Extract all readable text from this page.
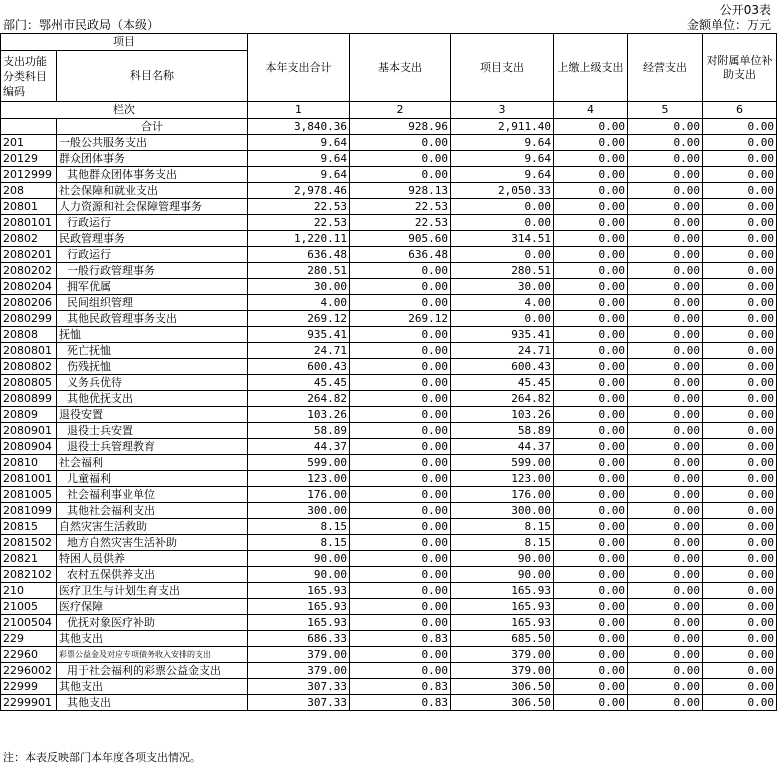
公开03表
部门：鄂州市民政局（本级）	金额单位：万元
项目		本年支出合计	基本支出	项目支出	上缴上级支出	经营支出	对附属单位补助支出
支出功能分类科目编码	科目名称						
栏次		1	2	3	4	5	6
	合计	3,840.36	928.96	2,911.40	0.00	0.00	0.00
201	一般公共服务支出	9.64	0.00	9.64	0.00	0.00	0.00
20129	群众团体事务	9.64	0.00	9.64	0.00	0.00	0.00
2012999	其他群众团体事务支出	9.64	0.00	9.64	0.00	0.00	0.00
208	社会保障和就业支出	2,978.46	928.13	2,050.33	0.00	0.00	0.00
20801	人力资源和社会保障管理事务	22.53	22.53	0.00	0.00	0.00	0.00
2080101	行政运行	22.53	22.53	0.00	0.00	0.00	0.00
20802	民政管理事务	1,220.11	905.60	314.51	0.00	0.00	0.00
2080201	行政运行	636.48	636.48	0.00	0.00	0.00	0.00
2080202	一般行政管理事务	280.51	0.00	280.51	0.00	0.00	0.00
2080204	拥军优属	30.00	0.00	30.00	0.00	0.00	0.00
2080206	民间组织管理	4.00	0.00	4.00	0.00	0.00	0.00
2080299	其他民政管理事务支出	269.12	269.12	0.00	0.00	0.00	0.00
20808	抚恤	935.41	0.00	935.41	0.00	0.00	0.00
2080801	死亡抚恤	24.71	0.00	24.71	0.00	0.00	0.00
2080802	伤残抚恤	600.43	0.00	600.43	0.00	0.00	0.00
2080805	义务兵优待	45.45	0.00	45.45	0.00	0.00	0.00
2080899	其他优抚支出	264.82	0.00	264.82	0.00	0.00	0.00
20809	退役安置	103.26	0.00	103.26	0.00	0.00	0.00
2080901	退役士兵安置	58.89	0.00	58.89	0.00	0.00	0.00
2080904	退役士兵管理教育	44.37	0.00	44.37	0.00	0.00	0.00
20810	社会福利	599.00	0.00	599.00	0.00	0.00	0.00
2081001	儿童福利	123.00	0.00	123.00	0.00	0.00	0.00
2081005	社会福利事业单位	176.00	0.00	176.00	0.00	0.00	0.00
2081099	其他社会福利支出	300.00	0.00	300.00	0.00	0.00	0.00
20815	自然灾害生活救助	8.15	0.00	8.15	0.00	0.00	0.00
2081502	地方自然灾害生活补助	8.15	0.00	8.15	0.00	0.00	0.00
20821	特困人员供养	90.00	0.00	90.00	0.00	0.00	0.00
2082102	农村五保供养支出	90.00	0.00	90.00	0.00	0.00	0.00
210	医疗卫生与计划生育支出	165.93	0.00	165.93	0.00	0.00	0.00
21005	医疗保障	165.93	0.00	165.93	0.00	0.00	0.00
2100504	优抚对象医疗补助	165.93	0.00	165.93	0.00	0.00	0.00
229	其他支出	686.33	0.83	685.50	0.00	0.00	0.00
22960	彩票公益金及对应专项债务收入安排的支出	379.00	0.00	379.00	0.00	0.00	0.00
2296002	用于社会福利的彩票公益金支出	379.00	0.00	379.00	0.00	0.00	0.00
22999	其他支出	307.33	0.83	306.50	0.00	0.00	0.00
2299901	其他支出	307.33	0.83	306.50	0.00	0.00	0.00
注：本表反映部门本年度各项支出情况。
